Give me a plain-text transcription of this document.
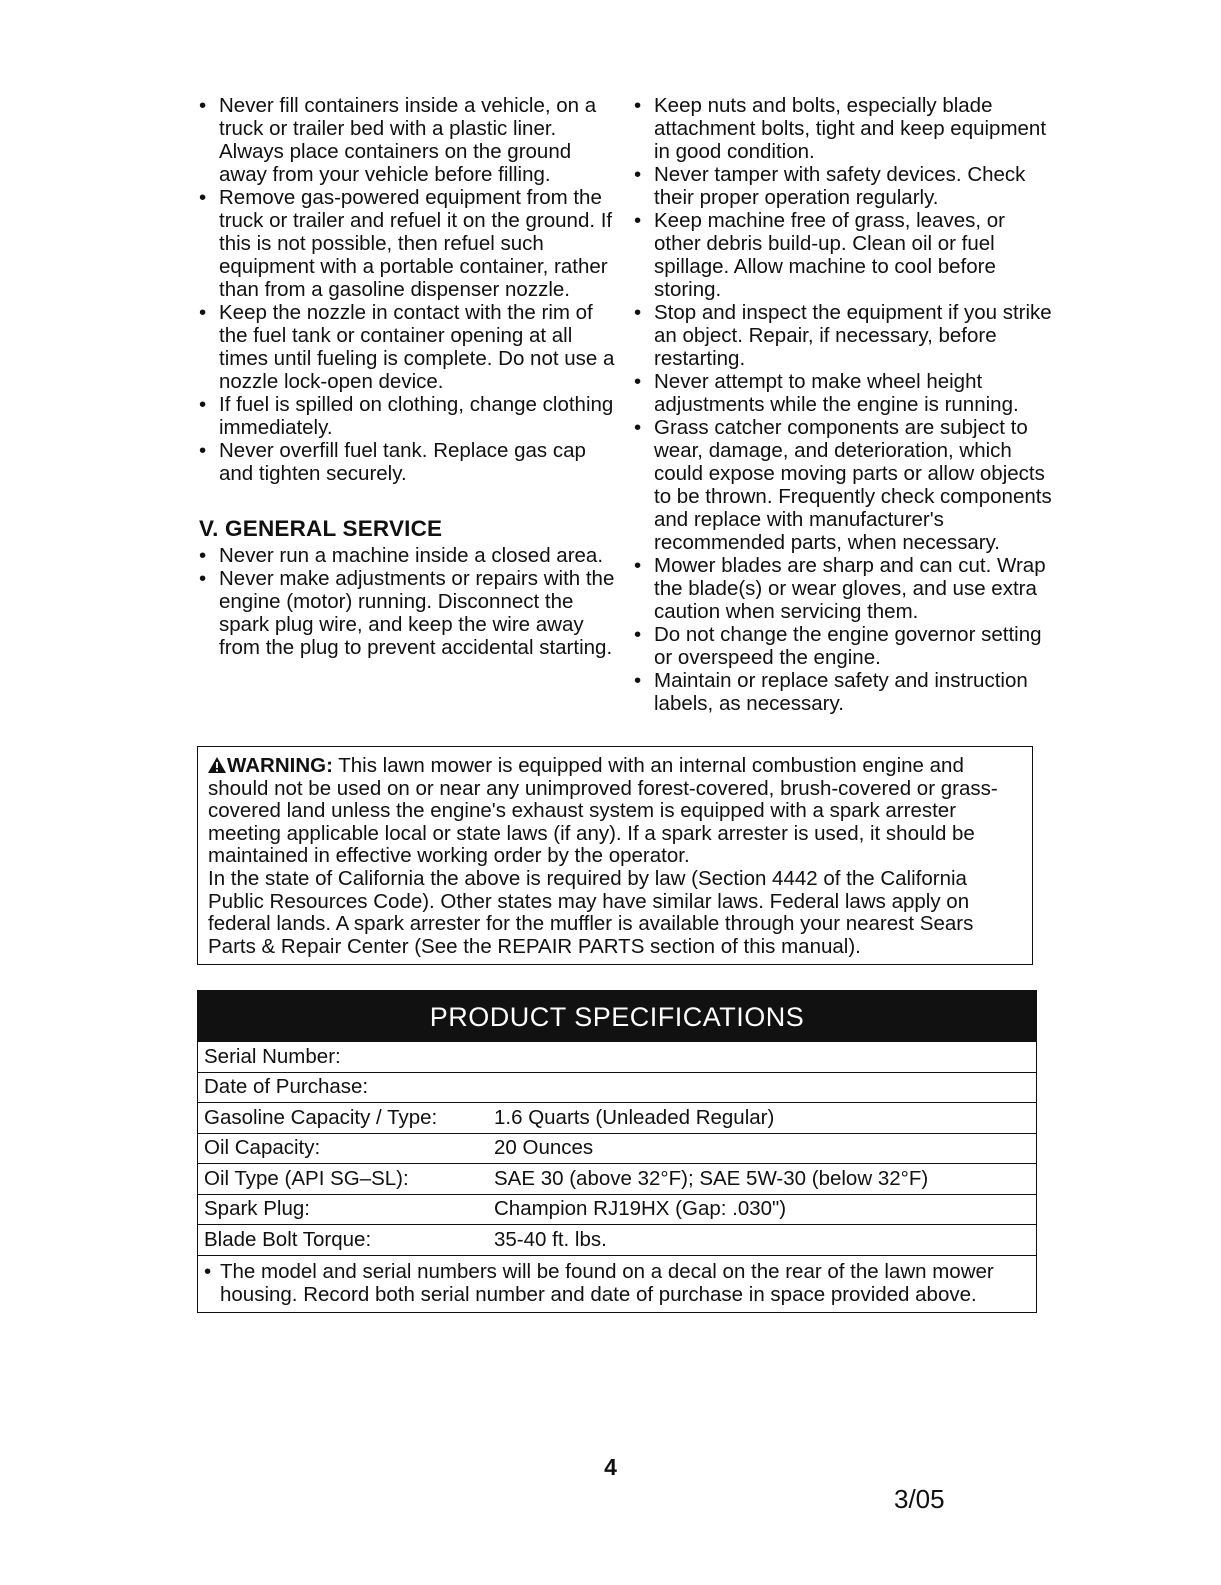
• Never fill containers inside a vehicle, on a truck or trailer bed with a plastic liner. Always place containers on the ground away from your vehicle before filling.
• Remove gas-powered equipment from the truck or trailer and refuel it on the ground. If this is not possible, then refuel such equipment with a portable container, rather than from a gasoline dispenser nozzle.
• Keep the nozzle in contact with the rim of the fuel tank or container opening at all times until fueling is complete. Do not use a nozzle lock-open device.
• If fuel is spilled on clothing, change clothing immediately.
• Never overfill fuel tank. Replace gas cap and tighten securely.
V. GENERAL SERVICE
• Never run a machine inside a closed area.
• Never make adjustments or repairs with the engine (motor) running. Disconnect the spark plug wire, and keep the wire away from the plug to prevent accidental starting.
• Keep nuts and bolts, especially blade attachment bolts, tight and keep equipment in good condition.
• Never tamper with safety devices. Check their proper operation regularly.
• Keep machine free of grass, leaves, or other debris build-up. Clean oil or fuel spillage. Allow machine to cool before storing.
• Stop and inspect the equipment if you strike an object. Repair, if necessary, before restarting.
• Never attempt to make wheel height adjustments while the engine is running.
• Grass catcher components are subject to wear, damage, and deterioration, which could expose moving parts or allow objects to be thrown. Frequently check components and replace with manufacturer's recommended parts, when necessary.
• Mower blades are sharp and can cut. Wrap the blade(s) or wear gloves, and use extra caution when servicing them.
• Do not change the engine governor setting or overspeed the engine.
• Maintain or replace safety and instruction labels, as necessary.
WARNING: This lawn mower is equipped with an internal combustion engine and should not be used on or near any unimproved forest-covered, brush-covered or grass-covered land unless the engine's exhaust system is equipped with a spark arrester meeting applicable local or state laws (if any). If a spark arrester is used, it should be maintained in effective working order by the operator.
In the state of California the above is required by law (Section 4442 of the California Public Resources Code). Other states may have similar laws. Federal laws apply on federal lands. A spark arrester for the muffler is available through your nearest Sears Parts & Repair Center (See the REPAIR PARTS section of this manual).
PRODUCT SPECIFICATIONS
Serial Number:
Date of Purchase:
Gasoline Capacity / Type:	1.6 Quarts (Unleaded Regular)
Oil Capacity:	20 Ounces
Oil Type (API SG–SL):	SAE 30 (above 32°F); SAE 5W-30 (below 32°F)
Spark Plug:	Champion RJ19HX (Gap: .030")
Blade Bolt Torque:	35-40 ft. lbs.
• The model and serial numbers will be found on a decal on the rear of the lawn mower
housing. Record both serial number and date of purchase in space provided above.
4
3/05
